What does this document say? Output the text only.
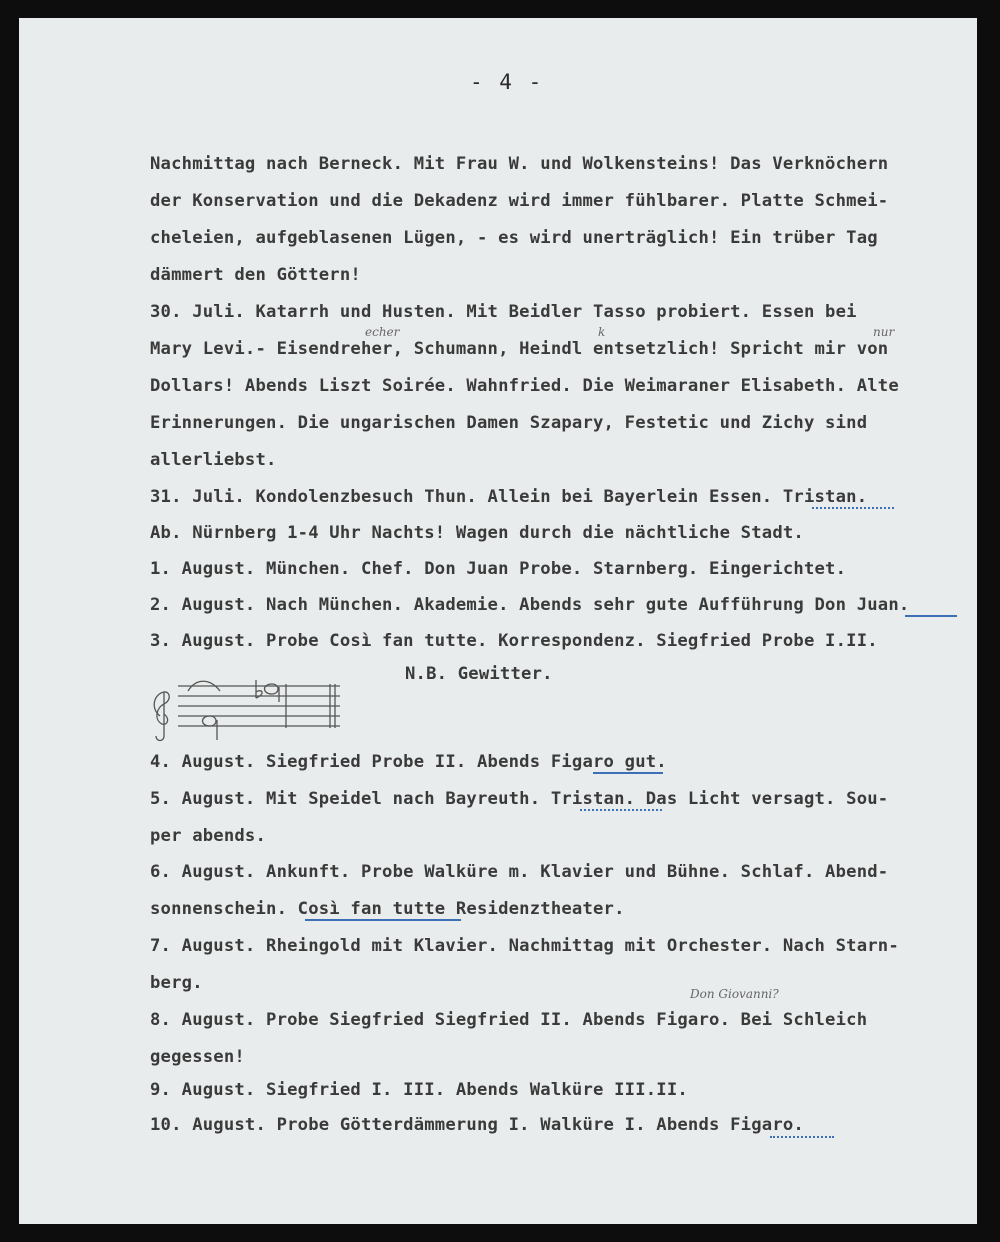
- 4 -
Nachmittag nach Berneck. Mit Frau W. und Wolkensteins! Das Verknöchern
der Konservation und die Dekadenz wird immer fühlbarer. Platte Schmei-
cheleien, aufgeblasenen Lügen, - es wird unerträglich! Ein trüber Tag
dämmert den Göttern!
30. Juli. Katarrh und Husten. Mit Beidler Tasso probiert. Essen bei
echer	k	nur
Mary Levi.- Eisendreher, Schumann, Heindl entsetzlich! Spricht mir von
Dollars! Abends Liszt Soirée. Wahnfried. Die Weimaraner Elisabeth. Alte
Erinnerungen. Die ungarischen Damen Szapary, Festetic und Zichy sind
allerliebst.
31. Juli. Kondolenzbesuch Thun. Allein bei Bayerlein Essen. Tristan.
Ab. Nürnberg 1-4 Uhr Nachts! Wagen durch die nächtliche Stadt.
1. August. München. Chef. Don Juan Probe. Starnberg. Eingerichtet.
2. August. Nach München. Akademie. Abends sehr gute Aufführung Don Juan.
3. August. Probe Così fan tutte. Korrespondenz. Siegfried Probe I.II.
N.B. Gewitter.
4. August. Siegfried Probe II. Abends Figaro gut.
5. August. Mit Speidel nach Bayreuth. Tristan. Das Licht versagt. Sou-
per abends.
6. August. Ankunft. Probe Walküre m. Klavier und Bühne. Schlaf. Abend-
sonnenschein. Così fan tutte Residenztheater.
7. August. Rheingold mit Klavier. Nachmittag mit Orchester. Nach Starn-
berg.
Don Giovanni?
8. August. Probe Siegfried Siegfried II. Abends Figaro. Bei Schleich
gegessen!
9. August. Siegfried I. III. Abends Walküre III.II.
10. August. Probe Götterdämmerung I. Walküre I. Abends Figaro.
